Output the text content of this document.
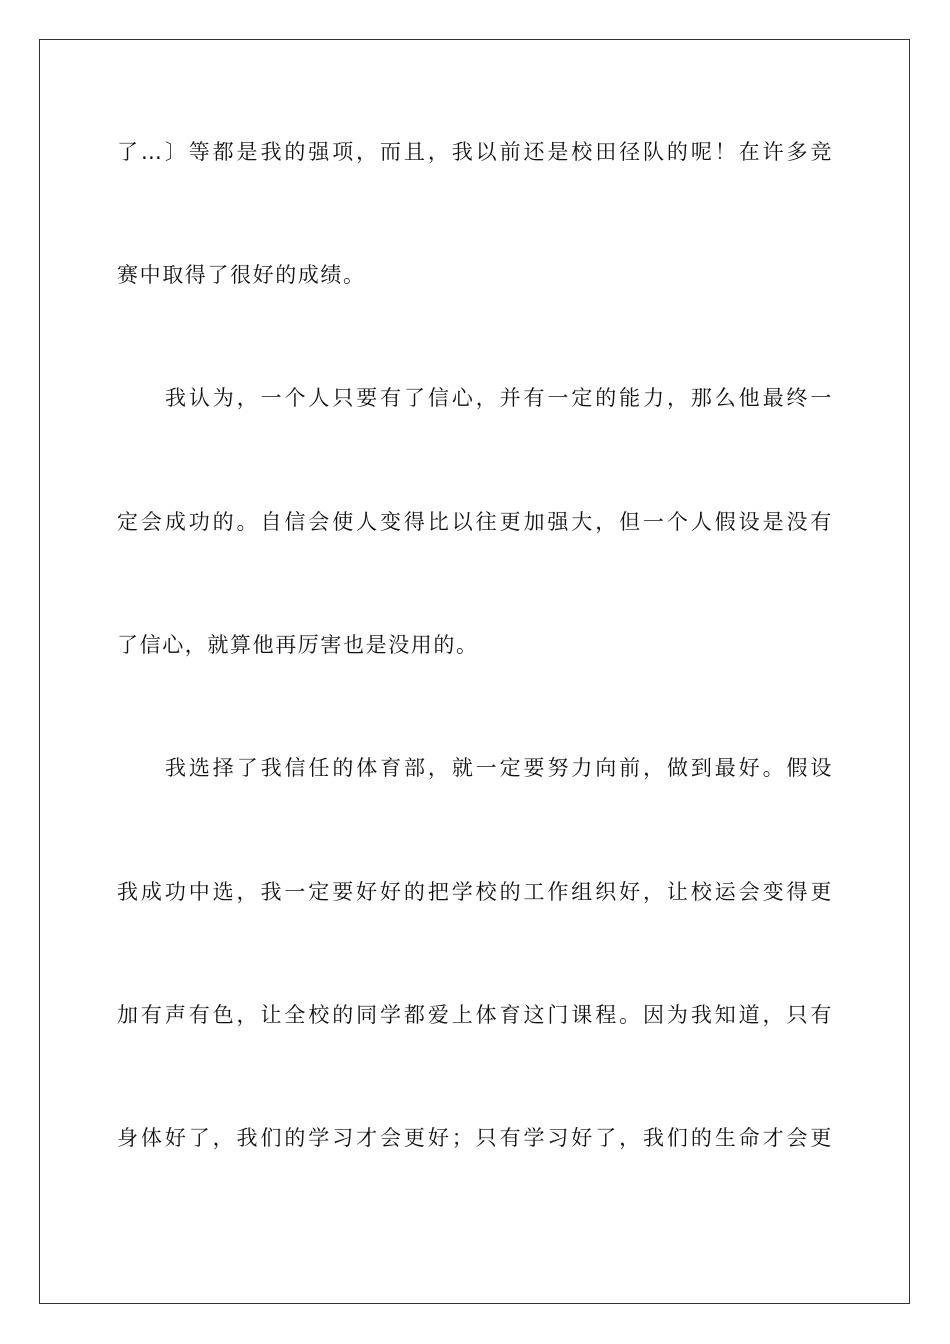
了…〕等都是我的强项，而且，我以前还是校田径队的呢！在许多竞
赛中取得了很好的成绩。
我认为，一个人只要有了信心，并有一定的能力，那么他最终一
定会成功的。自信会使人变得比以往更加强大，但一个人假设是没有
了信心，就算他再厉害也是没用的。
我选择了我信任的体育部，就一定要努力向前，做到最好。假设
我成功中选，我一定要好好的把学校的工作组织好，让校运会变得更
加有声有色，让全校的同学都爱上体育这门课程。因为我知道，只有
身体好了，我们的学习才会更好；只有学习好了，我们的生命才会更
